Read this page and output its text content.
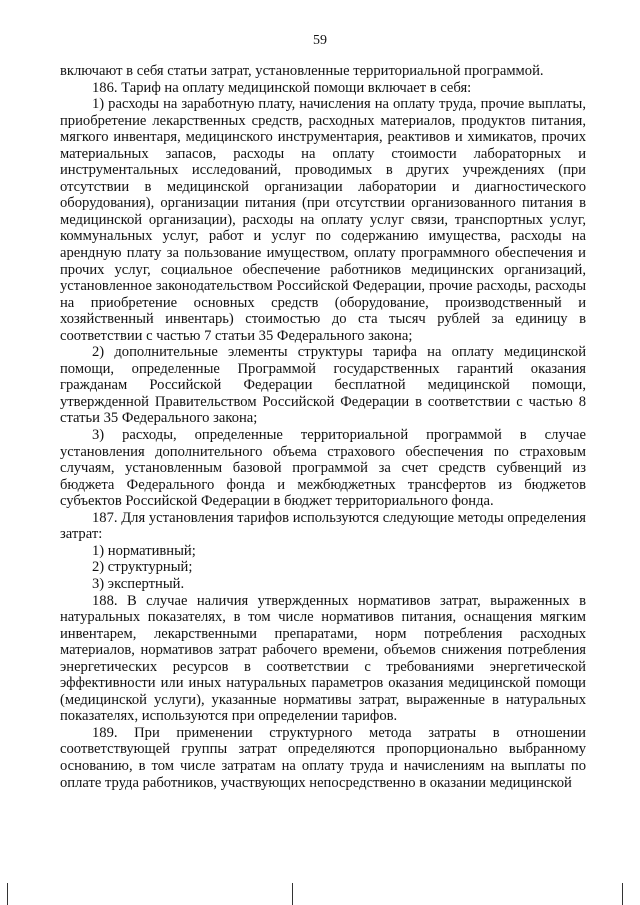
59

включают в себя статьи затрат, установленные территориальной программой.

186. Тариф на оплату медицинской помощи включает в себя:

1) расходы на заработную плату, начисления на оплату труда, прочие выплаты, приобретение лекарственных средств, расходных материалов, продуктов питания, мягкого инвентаря, медицинского инструментария, реактивов и химикатов, прочих материальных запасов, расходы на оплату стоимости лабораторных и инструментальных исследований, проводимых в других учреждениях (при отсутствии в медицинской организации лаборатории и диагностического оборудования), организации питания (при отсутствии организованного питания в медицинской организации), расходы на оплату услуг связи, транспортных услуг, коммунальных услуг, работ и услуг по содержанию имущества, расходы на арендную плату за пользование имуществом, оплату программного обеспечения и прочих услуг, социальное обеспечение работников медицинских организаций, установленное законодательством Российской Федерации, прочие расходы, расходы на приобретение основных средств (оборудование, производственный и хозяйственный инвентарь) стоимостью до ста тысяч рублей за единицу в соответствии с частью 7 статьи 35 Федерального закона;

2) дополнительные элементы структуры тарифа на оплату медицинской помощи, определенные Программой государственных гарантий оказания гражданам Российской Федерации бесплатной медицинской помощи, утвержденной Правительством Российской Федерации в соответствии с частью 8 статьи 35 Федерального закона;

3) расходы, определенные территориальной программой в случае установления дополнительного объема страхового обеспечения по страховым случаям, установленным базовой программой за счет средств субвенций из бюджета Федерального фонда и межбюджетных трансфертов из бюджетов субъектов Российской Федерации в бюджет территориального фонда.

187. Для установления тарифов используются следующие методы определения затрат:

1) нормативный;

2) структурный;

3) экспертный.

188. В случае наличия утвержденных нормативов затрат, выраженных в натуральных показателях, в том числе нормативов питания, оснащения мягким инвентарем, лекарственными препаратами, норм потребления расходных материалов, нормативов затрат рабочего времени, объемов снижения потребления энергетических ресурсов в соответствии с требованиями энергетической эффективности или иных натуральных параметров оказания медицинской помощи (медицинской услуги), указанные нормативы затрат, выраженные в натуральных показателях, используются при определении тарифов.

189. При применении структурного метода затраты в отношении соответствующей группы затрат определяются пропорционально выбранному основанию, в том числе затратам на оплату труда и начислениям на выплаты по оплате труда работников, участвующих непосредственно в оказании медицинской
